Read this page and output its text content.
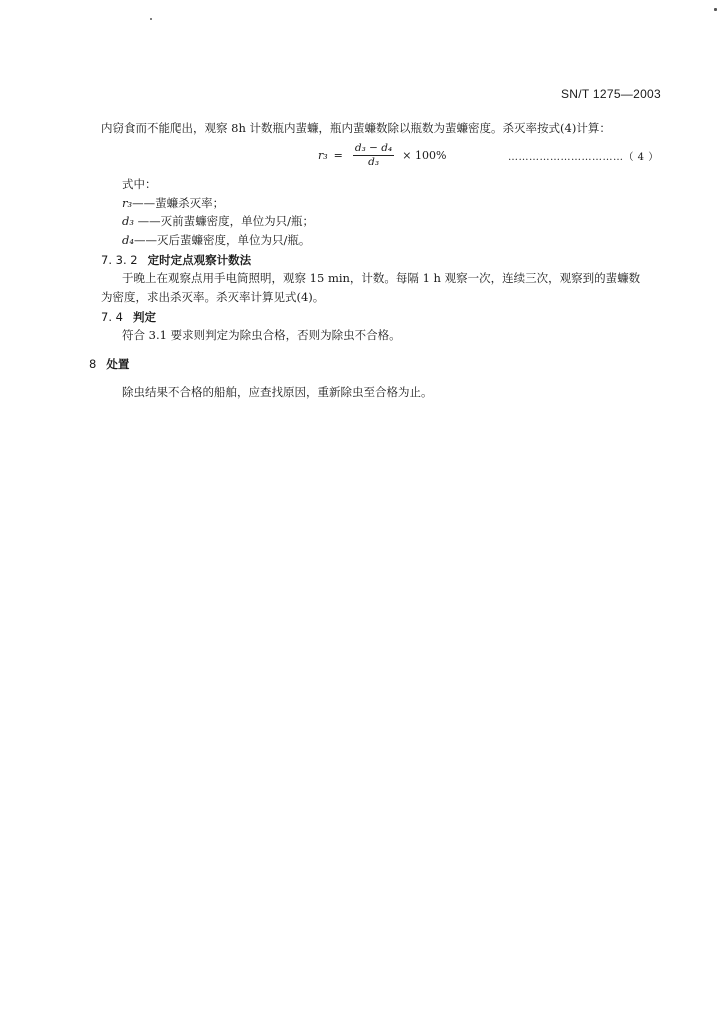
SN/T 1275—2003
内窃食而不能爬出，观察 8h 计数瓶内蜚蠊，瓶内蜚蠊数除以瓶数为蜚蠊密度。杀灭率按式(4)计算：
$r_3 = \frac{\text{d₃ − d₄}}{\text{d₃}} \times 100\%$	……………………………（ 4 ）
式中：
r₃——蜚蠊杀灭率；
d₃ ——灭前蜚蠊密度，单位为只/瓶；
d₄——灭后蜚蠊密度，单位为只/瓶。
7. 3. 2 定时定点观察计数法
于晚上在观察点用手电筒照明，观察 15 min，计数。每隔 1 h 观察一次，连续三次，观察到的蜚蠊数
为密度，求出杀灭率。杀灭率计算见式(4)。
7. 4 判定
符合 3.1 要求则判定为除虫合格，否则为除虫不合格。
8 处置
除虫结果不合格的船舶，应查找原因，重新除虫至合格为止。
